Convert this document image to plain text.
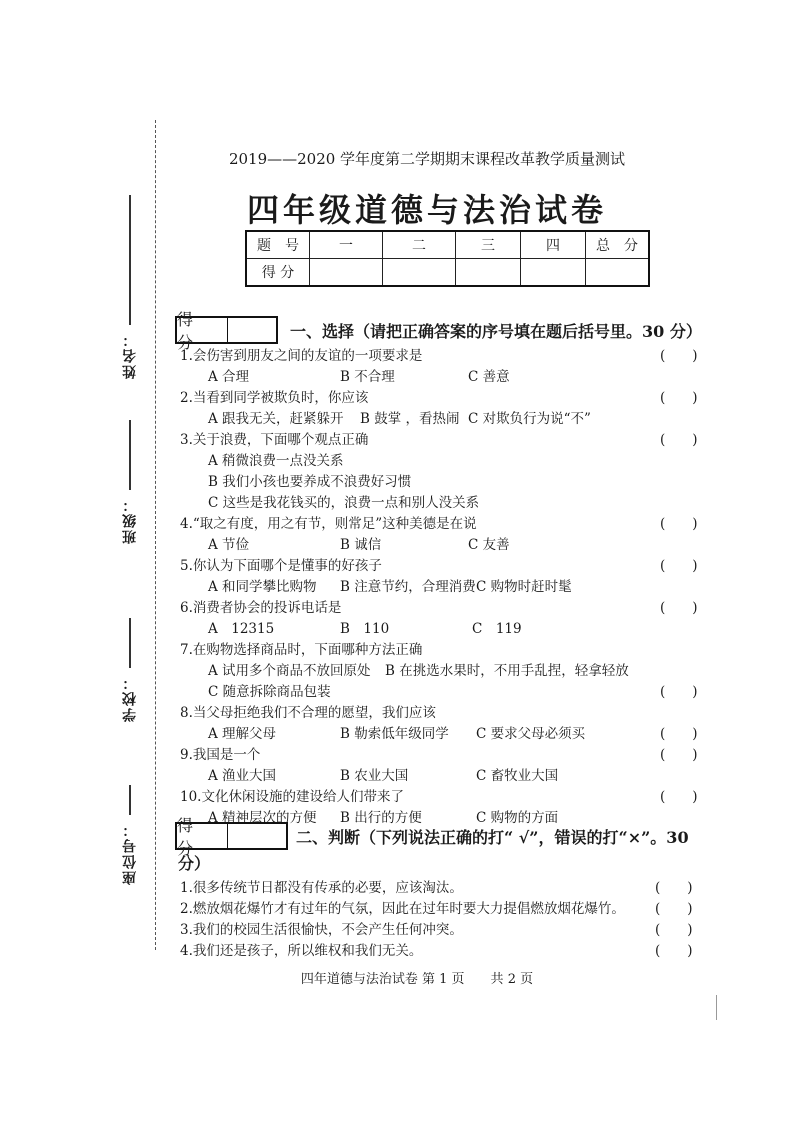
姓名：
班级：
学校：
座位号：
2019——2020 学年度第二学期期末课程改革教学质量测试
四年级道德与法治试卷
题　号	一	二	三	四	总　分
得 分					
得 分
一、选择（请把正确答案的序号填在题后括号里。30 分）
1.会伤害到朋友之间的友谊的一项要求是	(　　)
A 合理	B 不合理	C 善意
2.当看到同学被欺负时，你应该	(　　)
A 跟我无关，赶紧躲开 B 鼓掌 ，看热闹 C 对欺负行为说“不”
3.关于浪费，下面哪个观点正确	(　　)
A 稍微浪费一点没关系
B 我们小孩也要养成不浪费好习惯
C 这些是我花钱买的，浪费一点和别人没关系
4.“取之有度，用之有节，则常足”这种美德是在说	(　　)
A 节俭	B 诚信	C 友善
5.你认为下面哪个是懂事的好孩子	(　　)
A 和同学攀比购物 B 注意节约，合理消费 C 购物时赶时髦
6.消费者协会的投诉电话是	(　　)
A　12315	B　110	C　119
7.在购物选择商品时，下面哪种方法正确
A 试用多个商品不放回原处 B 在挑选水果时，不用手乱捏，轻拿轻放
C 随意拆除商品包装	(　　)
8.当父母拒绝我们不合理的愿望，我们应该
A 理解父母	B 勒索低年级同学 C 要求父母必须买	(　　)
9.我国是一个	(　　)
A 渔业大国	B 农业大国	C 畜牧业大国
10.文化休闲设施的建设给人们带来了	(　　)
A 精神层次的方便 B 出行的方便	C 购物的方面
得 分
二、判断（下列说法正确的打“ √”，错误的打“×”。30
分）
1.很多传统节日都没有传承的必要，应该淘汰。	(　　)
2.燃放烟花爆竹才有过年的气氛，因此在过年时要大力提倡燃放烟花爆竹。 (　　)
3.我们的校园生活很愉快，不会产生任何冲突。	(　　)
4.我们还是孩子，所以维权和我们无关。	(　　)
四年道德与法治试卷 第 1 页　　共 2 页
